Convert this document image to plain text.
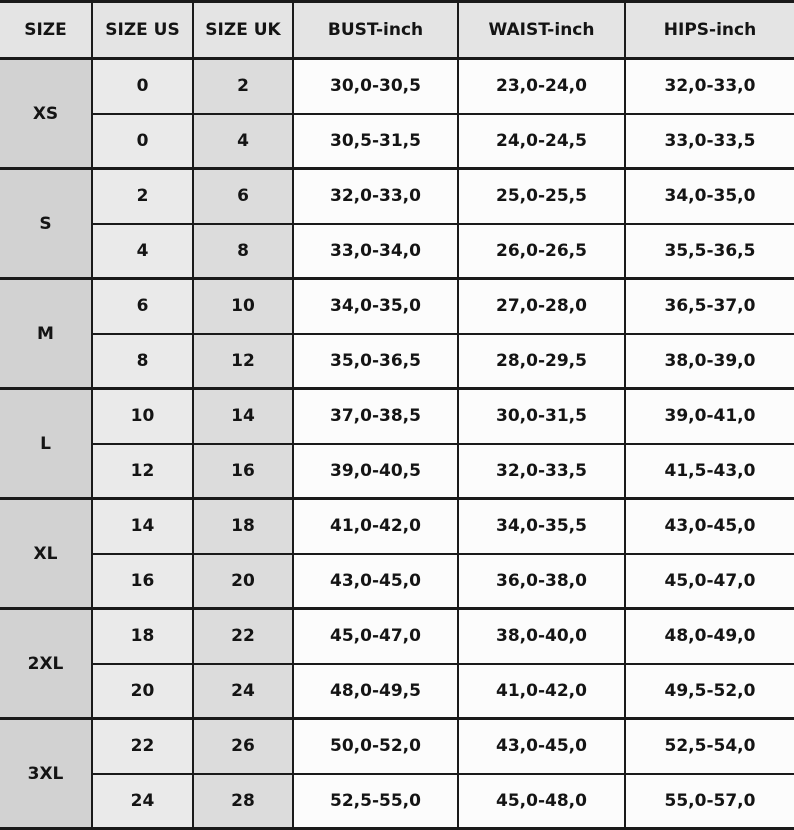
SIZE	SIZE US	SIZE UK	BUST-inch	WAIST-inch	HIPS-inch
XS	0	2	30,0-30,5	23,0-24,0	32,0-33,0
	0	4	30,5-31,5	24,0-24,5	33,0-33,5
S	2	6	32,0-33,0	25,0-25,5	34,0-35,0
	4	8	33,0-34,0	26,0-26,5	35,5-36,5
M	6	10	34,0-35,0	27,0-28,0	36,5-37,0
	8	12	35,0-36,5	28,0-29,5	38,0-39,0
L	10	14	37,0-38,5	30,0-31,5	39,0-41,0
	12	16	39,0-40,5	32,0-33,5	41,5-43,0
XL	14	18	41,0-42,0	34,0-35,5	43,0-45,0
	16	20	43,0-45,0	36,0-38,0	45,0-47,0
2XL	18	22	45,0-47,0	38,0-40,0	48,0-49,0
	20	24	48,0-49,5	41,0-42,0	49,5-52,0
3XL	22	26	50,0-52,0	43,0-45,0	52,5-54,0
	24	28	52,5-55,0	45,0-48,0	55,0-57,0
